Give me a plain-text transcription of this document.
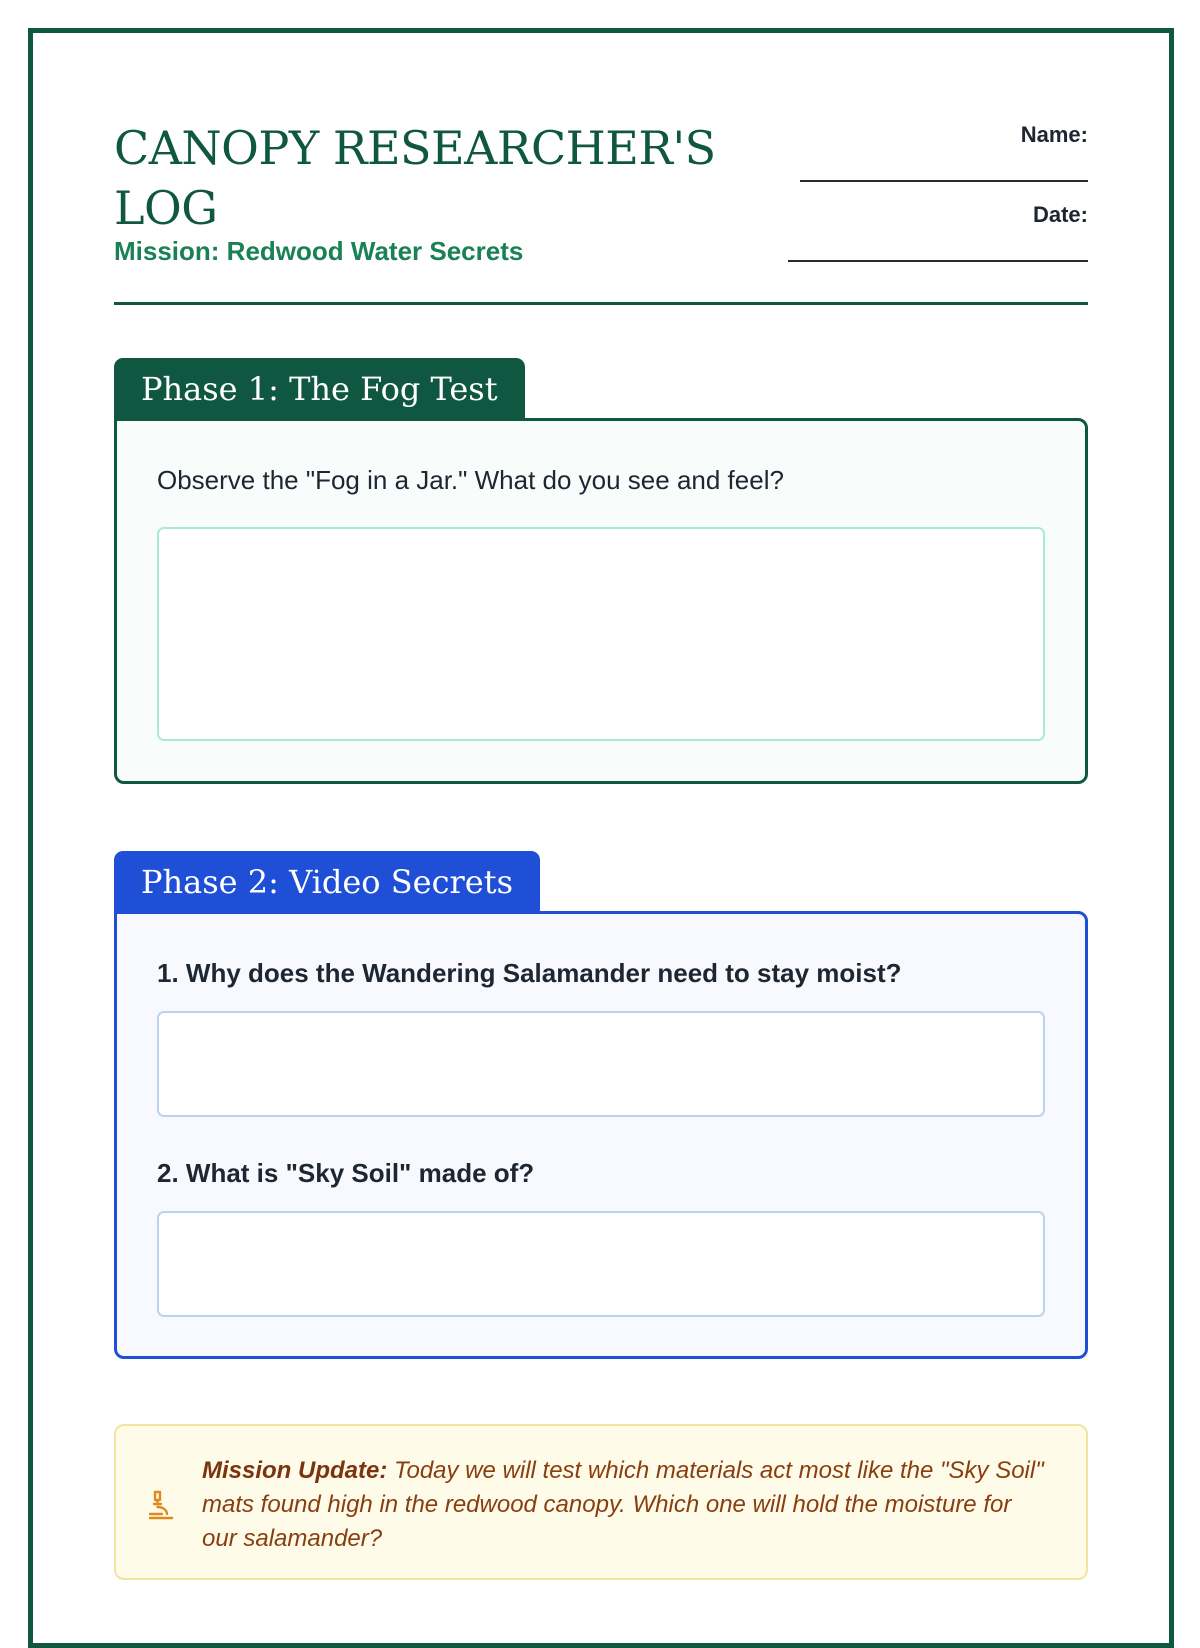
CANOPY RESEARCHER'S LOG
Mission: Redwood Water Secrets
Name:
Date:
Phase 1: The Fog Test
Observe the "Fog in a Jar." What do you see and feel?
Phase 2: Video Secrets
1. Why does the Wandering Salamander need to stay moist?
2. What is "Sky Soil" made of?

Mission Update: Today we will test which materials act most like the "Sky Soil" mats found high in the redwood canopy. Which one will hold the moisture for our salamander?
